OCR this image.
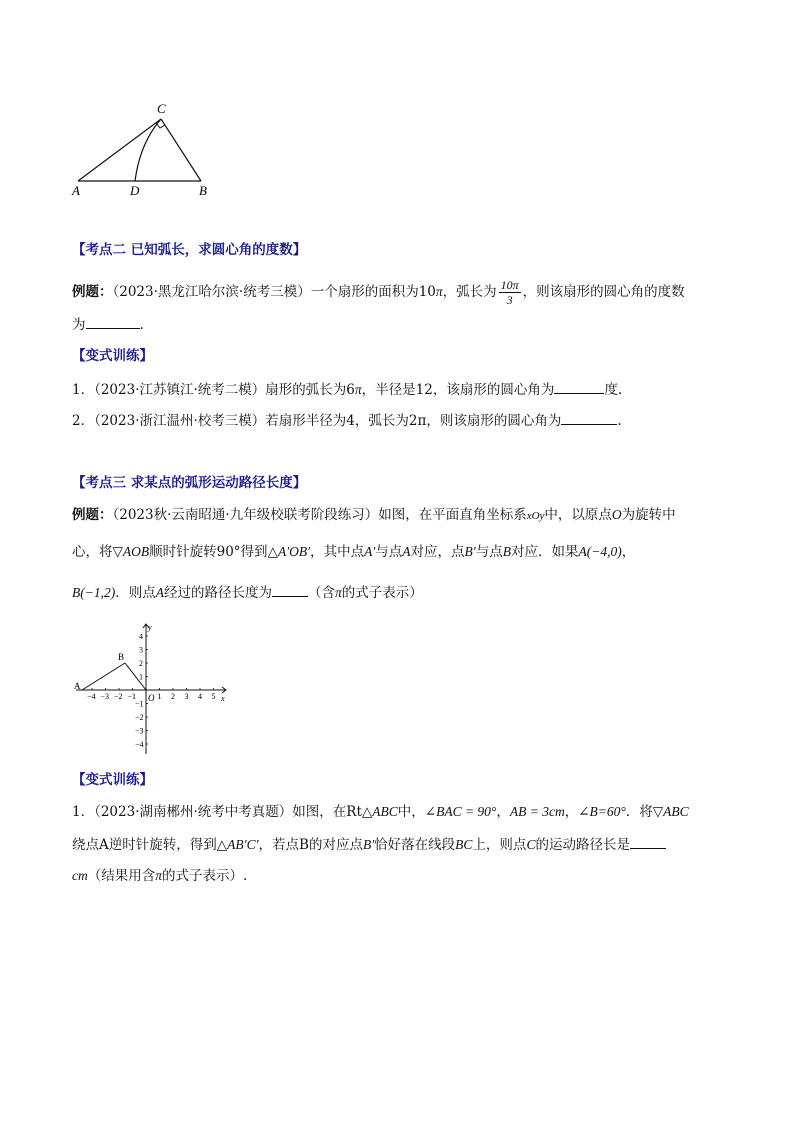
C
A	D	B
【考点二 已知弧长，求圆心角的度数】
例题：（2023·黑龙江哈尔滨·统考三模）一个扇形的面积为10π，弧长为 $\frac{10\pi}{3}$ ，则该扇形的圆心角的度数
为	.
【变式训练】
1．（2023·江苏镇江·统考二模）扇形的弧长为6π，半径是12，该扇形的圆心角为	度.
2．（2023·浙江温州·校考三模）若扇形半径为4，弧长为2π，则该扇形的圆心角为	.
【考点三 求某点的弧形运动路径长度】
例题：（2023秋·云南昭通·九年级校联考阶段练习）如图，在平面直角坐标系xOy中，以原点O为旋转中
心，将▽AOB顺时针旋转90°得到△A′OB′，其中点A′与点A对应，点B′与点B对应．如果A(−4,0)，
B(−1,2)．则点A经过的路径长度为	（含π的式子表示）
−4 −3 −2 −1	1 2 3 4 5
4
3
2
1
−1
−2
−3
−4
x
y
O
A
B
【变式训练】
1．（2023·湖南郴州·统考中考真题）如图，在Rt△ABC中，∠BAC = 90°，AB = 3cm，∠B=60°．将▽ABC
绕点A逆时针旋转，得到△AB′C′，若点B的对应点B′恰好落在线段BC上，则点C的运动路径长是
cm（结果用含π的式子表示）.
